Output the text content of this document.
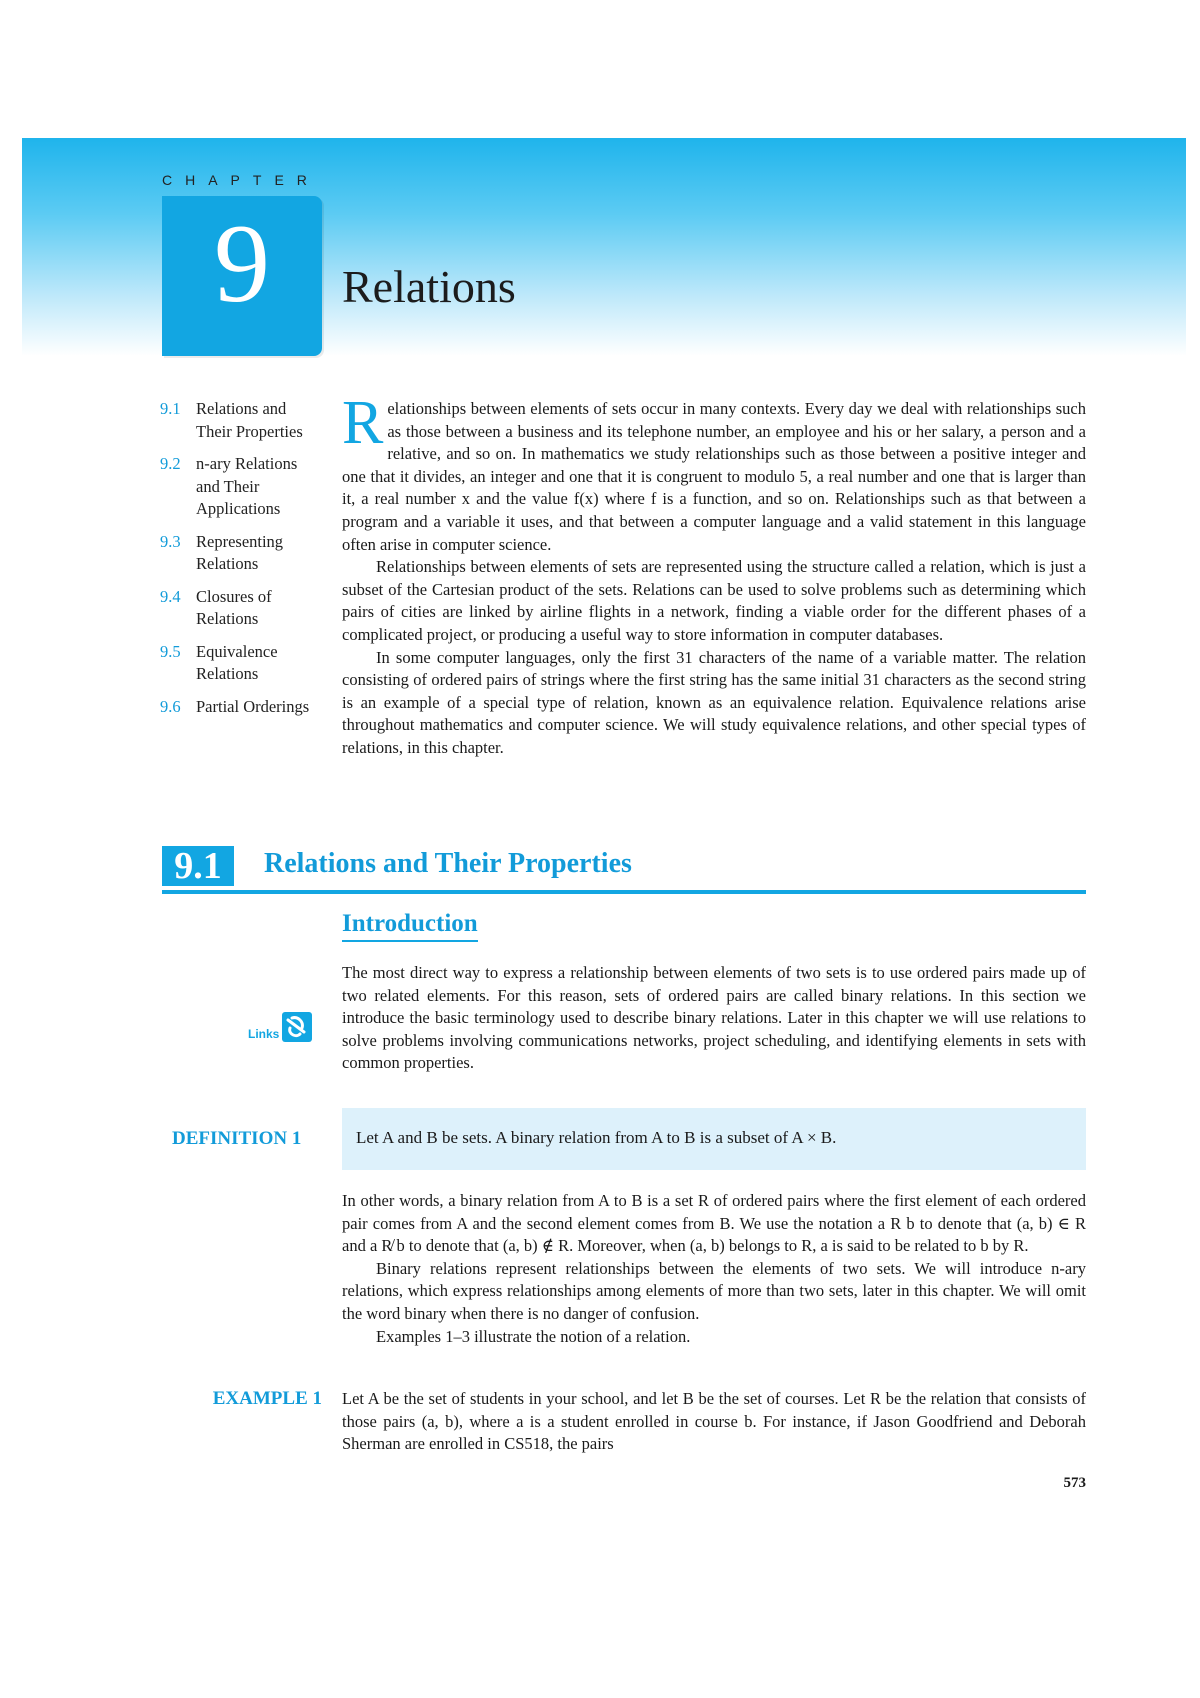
CHAPTER
9	Relations
9.1 Relations and Their Properties
9.2 n-ary Relations and Their Applications
9.3 Representing Relations
9.4 Closures of Relations
9.5 Equivalence Relations
9.6 Partial Orderings

Relationships between elements of sets occur in many contexts. Every day we deal with relationships such as those between a business and its telephone number, an employee and his or her salary, a person and a relative, and so on. In mathematics we study relationships such as those between a positive integer and one that it divides, an integer and one that it is congruent to modulo 5, a real number and one that is larger than it, a real number x and the value f(x) where f is a function, and so on. Relationships such as that between a program and a variable it uses, and that between a computer language and a valid statement in this language often arise in computer science.

Relationships between elements of sets are represented using the structure called a relation, which is just a subset of the Cartesian product of the sets. Relations can be used to solve problems such as determining which pairs of cities are linked by airline flights in a network, finding a viable order for the different phases of a complicated project, or producing a useful way to store information in computer databases.

In some computer languages, only the first 31 characters of the name of a variable matter. The relation consisting of ordered pairs of strings where the first string has the same initial 31 characters as the second string is an example of a special type of relation, known as an equivalence relation. Equivalence relations arise throughout mathematics and computer science. We will study equivalence relations, and other special types of relations, in this chapter.

9.1	Relations and Their Properties
Introduction
Links

The most direct way to express a relationship between elements of two sets is to use ordered pairs made up of two related elements. For this reason, sets of ordered pairs are called binary relations. In this section we introduce the basic terminology used to describe binary relations. Later in this chapter we will use relations to solve problems involving communications networks, project scheduling, and identifying elements in sets with common properties.

DEFINITION 1	Let A and B be sets. A binary relation from A to B is a subset of A × B.

In other words, a binary relation from A to B is a set R of ordered pairs where the first element of each ordered pair comes from A and the second element comes from B. We use the notation a R b to denote that (a, b) ∈ R and a R̸ b to denote that (a, b) ∉ R. Moreover, when (a, b) belongs to R, a is said to be related to b by R.

Binary relations represent relationships between the elements of two sets. We will introduce n-ary relations, which express relationships among elements of more than two sets, later in this chapter. We will omit the word binary when there is no danger of confusion.

Examples 1–3 illustrate the notion of a relation.

EXAMPLE 1 Let A be the set of students in your school, and let B be the set of courses. Let R be the relation that consists of those pairs (a, b), where a is a student enrolled in course b. For instance, if Jason Goodfriend and Deborah Sherman are enrolled in CS518, the pairs

573
